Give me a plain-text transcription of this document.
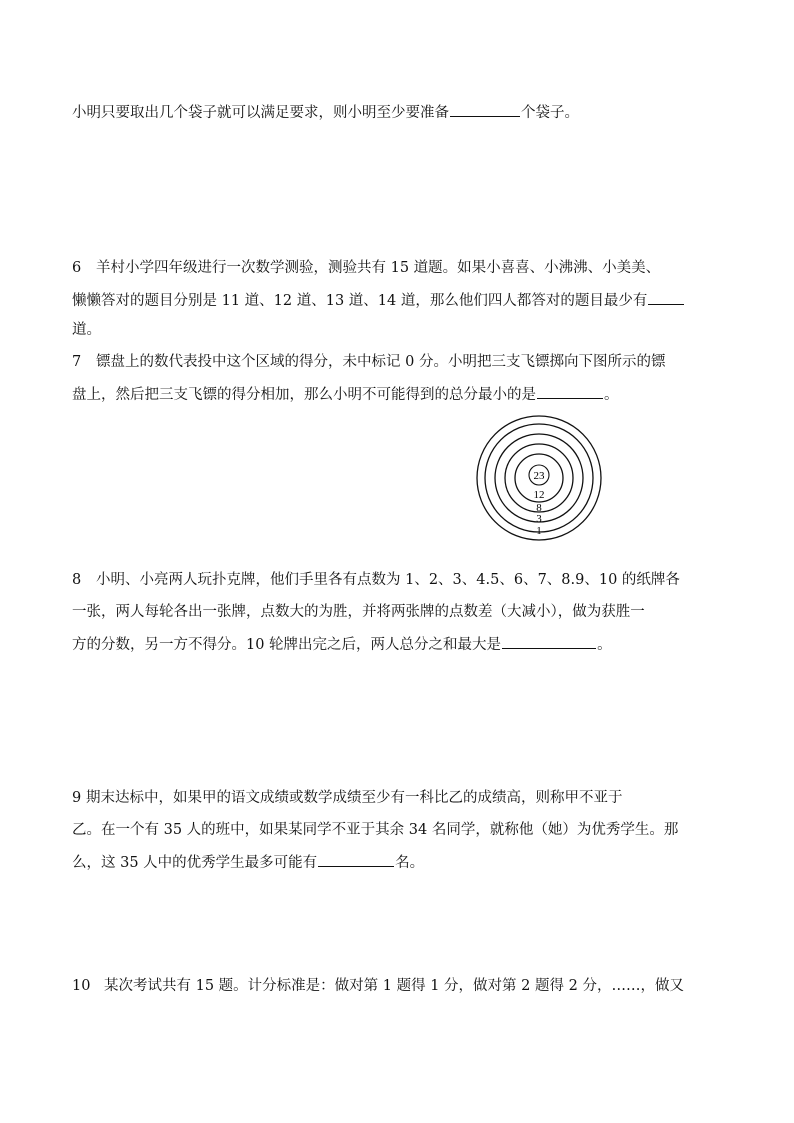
小明只要取出几个袋子就可以满足要求，则小明至少要准备	个袋子。
6 羊村小学四年级进行一次数学测验，测验共有 15 道题。如果小喜喜、小沸沸、小美美、
懒懒答对的题目分别是 11 道、12 道、13 道、14 道，那么他们四人都答对的题目最少有
道。
7 镖盘上的数代表投中这个区域的得分，未中标记 0 分。小明把三支飞镖掷向下图所示的镖
盘上，然后把三支飞镖的得分相加，那么小明不可能得到的总分最小的是	。
23
12
8
3
1
8 小明、小亮两人玩扑克牌，他们手里各有点数为 1、2、3、4.5、6、7、8.9、10 的纸牌各
一张，两人每轮各出一张牌，点数大的为胜，并将两张牌的点数差（大减小），做为获胜一
方的分数，另一方不得分。10 轮牌出完之后，两人总分之和最大是	。
9 期末达标中，如果甲的语文成绩或数学成绩至少有一科比乙的成绩高，则称甲不亚于
乙。在一个有 35 人的班中，如果某同学不亚于其余 34 名同学，就称他（她）为优秀学生。那
么，这 35 人中的优秀学生最多可能有	名。
10 某次考试共有 15 题。计分标准是：做对第 1 题得 1 分，做对第 2 题得 2 分，……，做又
